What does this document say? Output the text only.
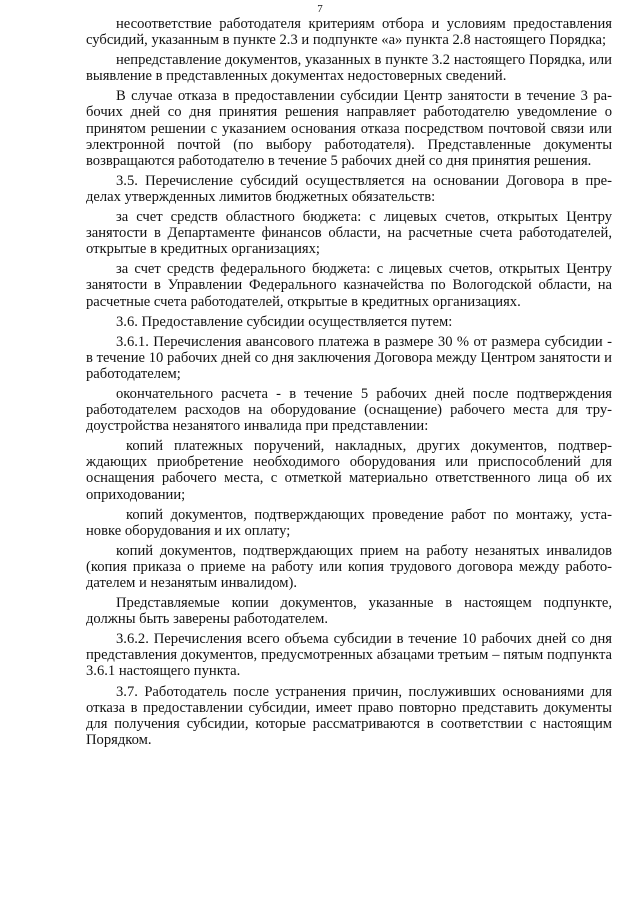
7

несоответствие работодателя критериям отбора и условиям предоставления субсидий, указанным в пункте 2.3 и подпункте «а» пункта 2.8 настоящего Порядка;

непредставление документов, указанных в пункте 3.2 настоящего Порядка, или выявление в представленных документах недостоверных сведений.

В случае отказа в предоставлении субсидии Центр занятости в течение 3 рабочих дней со дня принятия решения направляет работодателю уведомление о принятом решении с указанием основания отказа посредством почтовой связи или электронной почтой (по выбору работодателя). Представленные документы возвращаются работодателю в течение 5 рабочих дней со дня принятия решения.

3.5. Перечисление субсидий осуществляется на основании Договора в пределах утвержденных лимитов бюджетных обязательств:

за счет средств областного бюджета: с лицевых счетов, открытых Центру занятости в Департаменте финансов области, на расчетные счета работодателей, открытые в кредитных организациях;

за счет средств федерального бюджета: с лицевых счетов, открытых Центру занятости в Управлении Федерального казначейства по Вологодской области, на расчетные счета работодателей, открытые в кредитных организациях.

3.6. Предоставление субсидии осуществляется путем:

3.6.1. Перечисления авансового платежа в размере 30 % от размера субсидии - в течение 10 рабочих дней со дня заключения Договора между Центром занятости и работодателем;

окончательного расчета - в течение 5 рабочих дней после подтверждения работодателем расходов на оборудование (оснащение) рабочего места для трудоустройства незанятого инвалида при представлении:

копий платежных поручений, накладных, других документов, подтверждающих приобретение необходимого оборудования или приспособлений для оснащения рабочего места, с отметкой материально ответственного лица об их оприходовании;

копий документов, подтверждающих проведение работ по монтажу, установке оборудования и их оплату;

копий документов, подтверждающих прием на работу незанятых инвалидов (копия приказа о приеме на работу или копия трудового договора между работодателем и незанятым инвалидом).

Представляемые копии документов, указанные в настоящем подпункте, должны быть заверены работодателем.

3.6.2. Перечисления всего объема субсидии в течение 10 рабочих дней со дня представления документов, предусмотренных абзацами третьим – пятым подпункта 3.6.1 настоящего пункта.

3.7. Работодатель после устранения причин, послуживших основаниями для отказа в предоставлении субсидии, имеет право повторно представить документы для получения субсидии, которые рассматриваются в соответствии с настоящим Порядком.
